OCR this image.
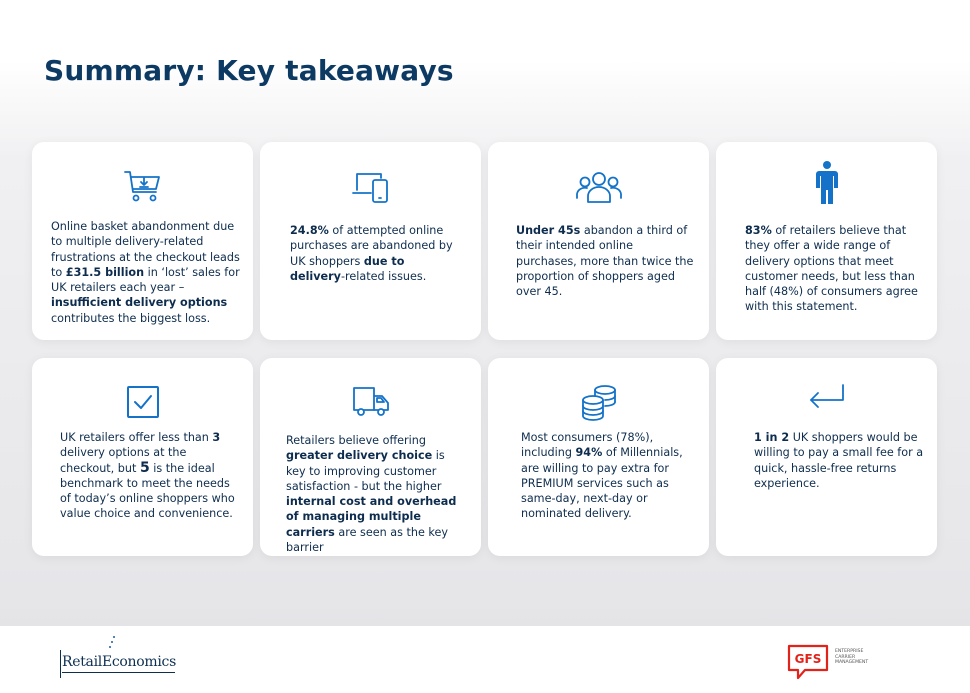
Summary: Key takeaways
Online basket abandonment due to multiple delivery-related frustrations at the checkout leads to £31.5 billion in ‘lost’ sales for UK retailers each year – insufficient delivery options contributes the biggest loss.
24.8% of attempted online purchases are abandoned by UK shoppers due to delivery-related issues.
Under 45s abandon a third of their intended online purchases, more than twice the proportion of shoppers aged over 45.
83% of retailers believe that they offer a wide range of delivery options that meet customer needs, but less than half (48%) of consumers agree with this statement.
UK retailers offer less than 3 delivery options at the checkout, but 5 is the ideal benchmark to meet the needs of today’s online shoppers who value choice and convenience.
Retailers believe offering greater delivery choice is key to improving customer satisfaction - but the higher internal cost and overhead of managing multiple carriers are seen as the key barrier
Most consumers (78%), including 94% of Millennials, are willing to pay extra for PREMIUM services such as same-day, next-day or nominated delivery.
1 in 2 UK shoppers would be willing to pay a small fee for a quick, hassle-free returns experience.
RetailEconomics	GFS
ENTERPRISE CARRIER MANAGEMENT
